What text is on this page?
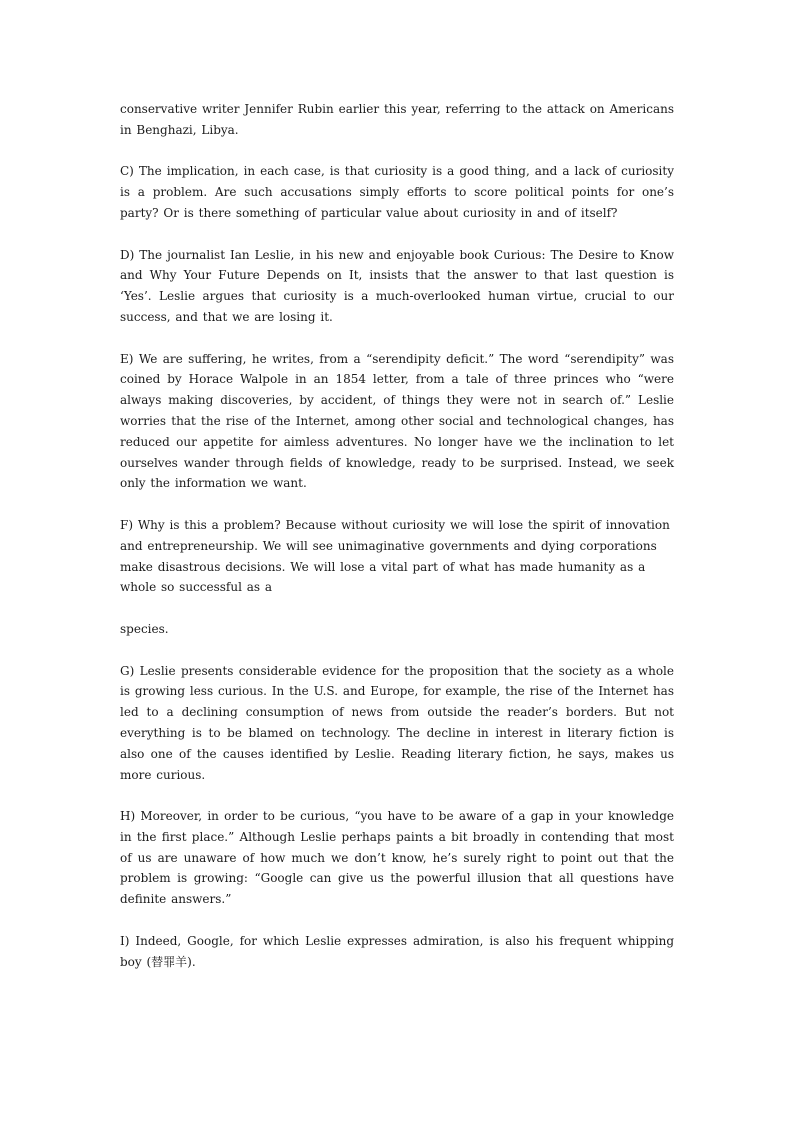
conservative writer Jennifer Rubin earlier this year, referring to the attack on Americans in Benghazi, Libya.

C) The implication, in each case, is that curiosity is a good thing, and a lack of curiosity is a problem. Are such accusations simply efforts to score political points for one’s party? Or is there something of particular value about curiosity in and of itself?

D) The journalist Ian Leslie, in his new and enjoyable book Curious: The Desire to Know and Why Your Future Depends on It, insists that the answer to that last question is ‘Yes’. Leslie argues that curiosity is a much-overlooked human virtue, crucial to our success, and that we are losing it.

E) We are suffering, he writes, from a “serendipity deficit.” The word “serendipity” was coined by Horace Walpole in an 1854 letter, from a tale of three princes who “were always making discoveries, by accident, of things they were not in search of.” Leslie worries that the rise of the Internet, among other social and technological changes, has reduced our appetite for aimless adventures. No longer have we the inclination to let ourselves wander through fields of knowledge, ready to be surprised. Instead, we seek only the information we want.

F) Why is this a problem? Because without curiosity we will lose the spirit of innovation and entrepreneurship. We will see unimaginative governments and dying corporations make disastrous decisions. We will lose a vital part of what has made humanity as a whole so successful as a

species.

G) Leslie presents considerable evidence for the proposition that the society as a whole is growing less curious. In the U.S. and Europe, for example, the rise of the Internet has led to a declining consumption of news from outside the reader’s borders. But not everything is to be blamed on technology. The decline in interest in literary fiction is also one of the causes identified by Leslie. Reading literary fiction, he says, makes us more curious.

H) Moreover, in order to be curious, “you have to be aware of a gap in your knowledge in the first place.” Although Leslie perhaps paints a bit broadly in contending that most of us are unaware of how much we don’t know, he’s surely right to point out that the problem is growing: “Google can give us the powerful illusion that all questions have definite answers.”

I) Indeed, Google, for which Leslie expresses admiration, is also his frequent whipping boy (替罪羊).
